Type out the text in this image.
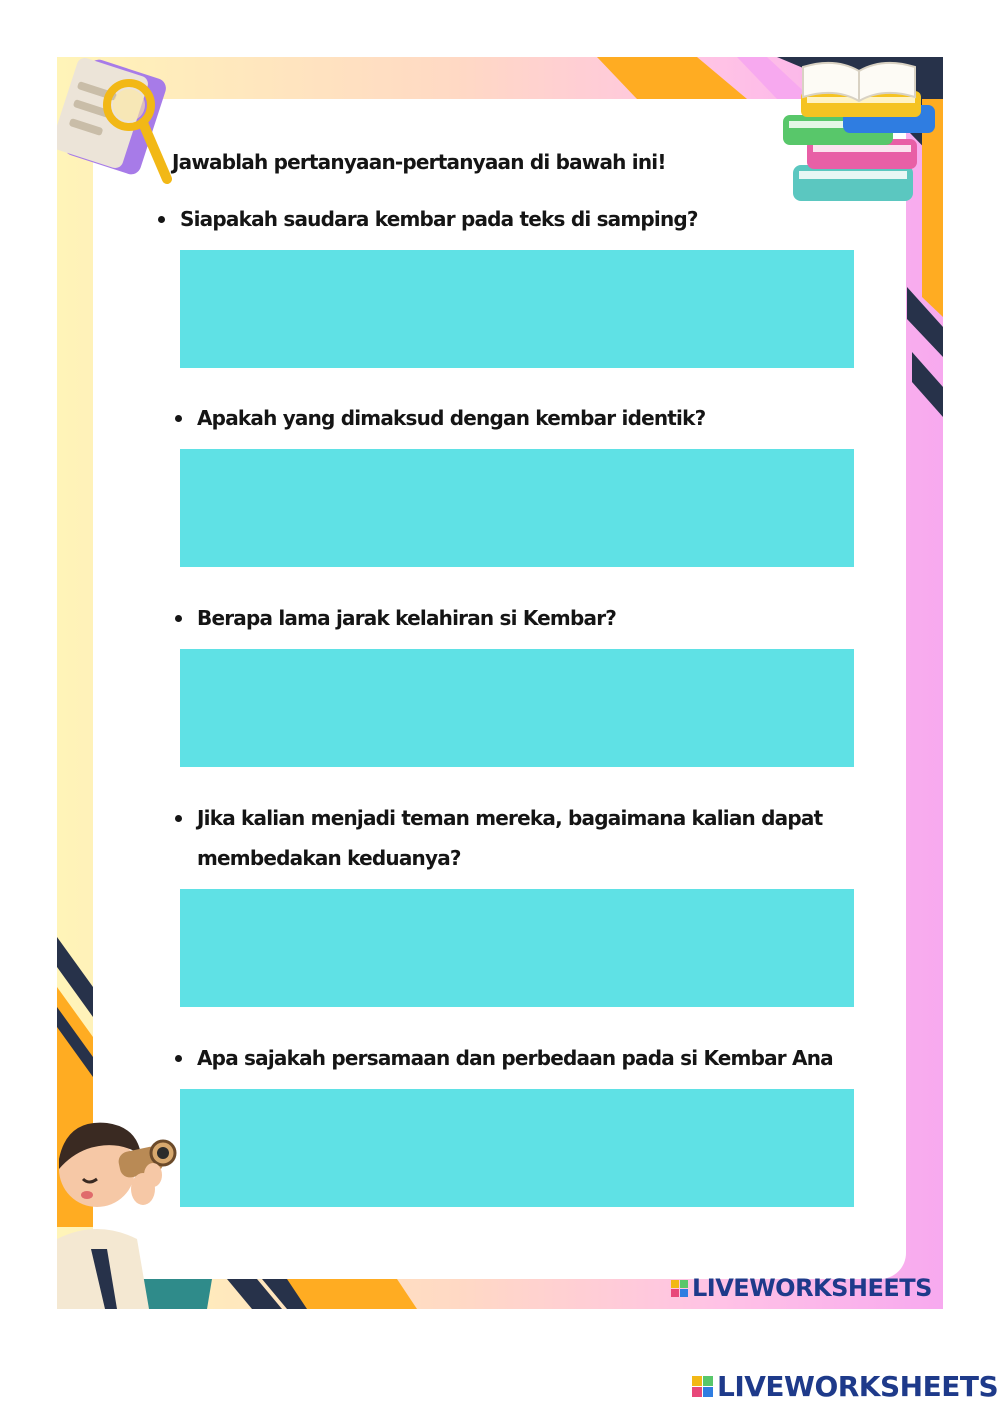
LIVEWORKSHEETS
Jawablah pertanyaan-pertanyaan di bawah ini!

Siapakah saudara kembar pada teks di samping?

Apakah yang dimaksud dengan kembar identik?

Berapa lama jarak kelahiran si Kembar?

Jika kalian menjadi teman mereka, bagaimana kalian dapat membedakan keduanya?

Apa sajakah persamaan dan perbedaan pada si Kembar Ana

LIVEWORKSHEETS
